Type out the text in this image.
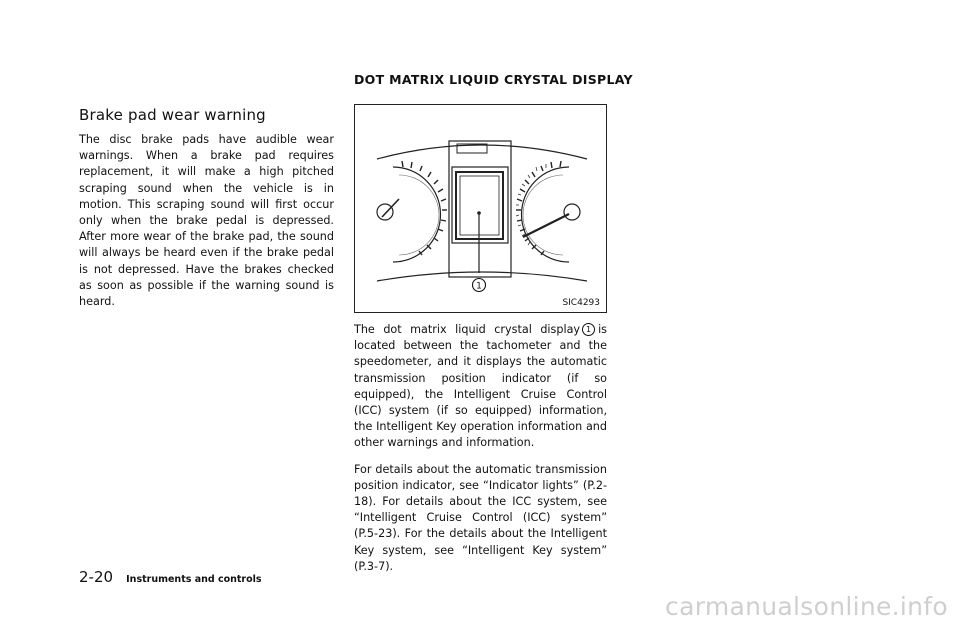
Brake pad wear warning

The disc brake pads have audible wear warnings. When a brake pad requires replacement, it will make a high pitched scraping sound when the vehicle is in motion. This scraping sound will first occur only when the brake pedal is depressed. After more wear of the brake pad, the sound will always be heard even if the brake pedal is not depressed. Have the brakes checked as soon as possible if the warning sound is heard.

DOT MATRIX LIQUID CRYSTAL DISPLAY
1
SIC4293

The dot matrix liquid crystal display 1 is located between the tachometer and the speedometer, and it displays the automatic transmission position indicator (if so equipped), the Intelligent Cruise Control (ICC) system (if so equipped) information, the Intelligent Key operation information and other warnings and information.

For details about the automatic transmission position indicator, see “Indicator lights” (P.2-18). For details about the ICC system, see “Intelligent Cruise Control (ICC) system” (P.5-23). For the details about the Intelligent Key system, see “Intelligent Key system” (P.3-7).

2-20 Instruments and controls
carmanualsonline.info
